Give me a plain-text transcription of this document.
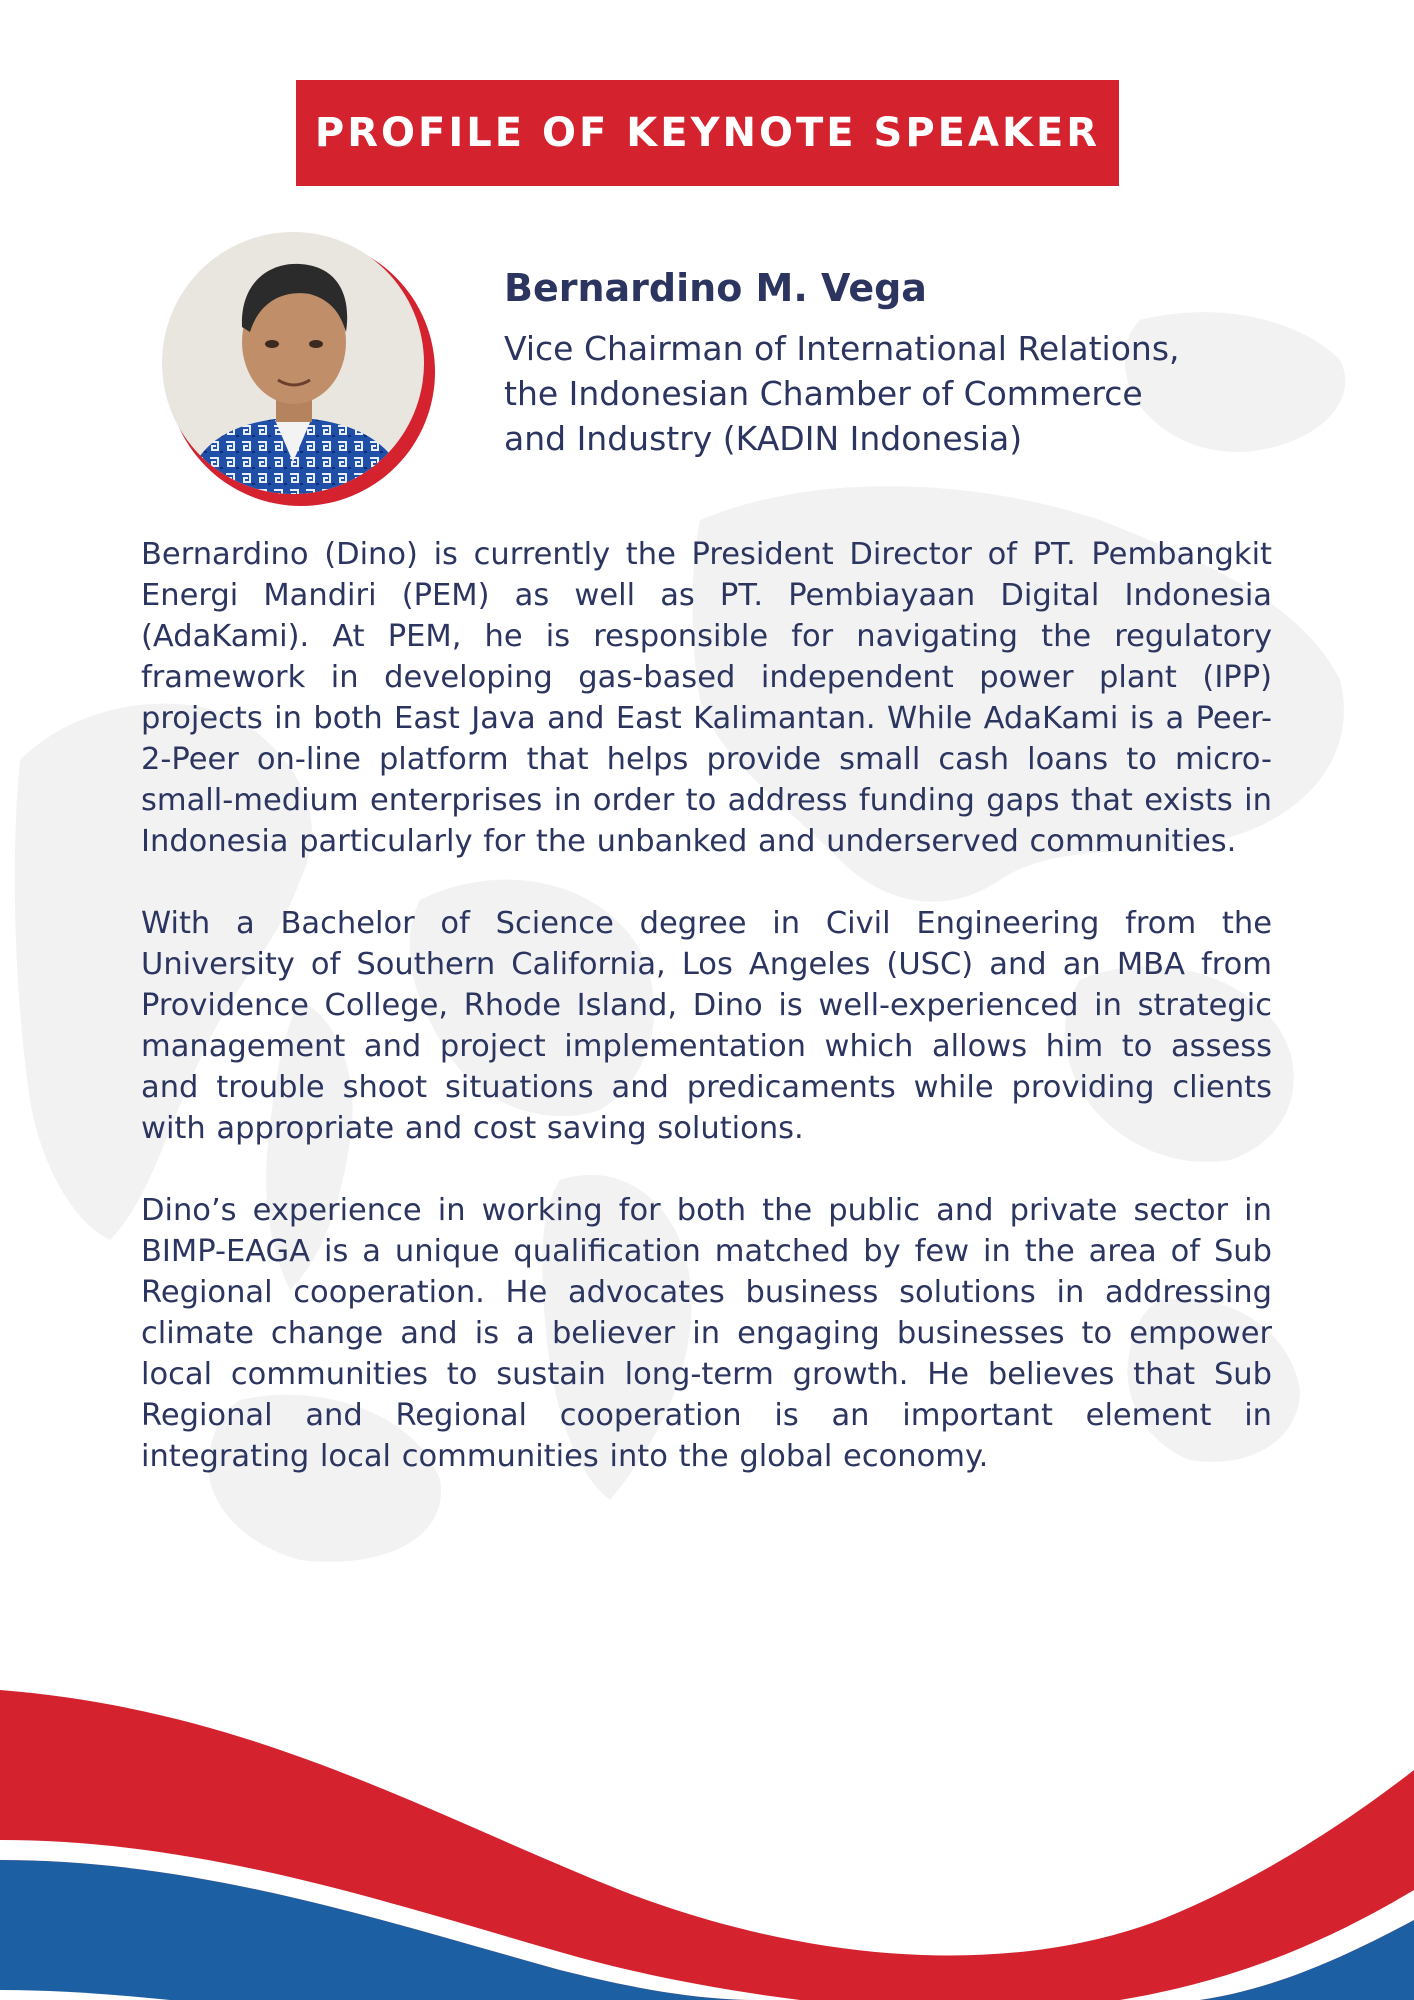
PROFILE OF KEYNOTE SPEAKER
Bernardino M. Vega
Vice Chairman of International Relations,
the Indonesian Chamber of Commerce
and Industry (KADIN Indonesia)

Bernardino (Dino) is currently the President Director of PT. Pembangkit Energi Mandiri (PEM) as well as PT. Pembiayaan Digital Indonesia (AdaKami). At PEM, he is responsible for navigating the regulatory framework in developing gas-based independent power plant (IPP) projects in both East Java and East Kalimantan. While AdaKami is a Peer-2-Peer on-line platform that helps provide small cash loans to micro-small-medium enterprises in order to address funding gaps that exists in Indonesia particularly for the unbanked and underserved communities.

With a Bachelor of Science degree in Civil Engineering from the University of Southern California, Los Angeles (USC) and an MBA from Providence College, Rhode Island, Dino is well-experienced in strategic management and project implementation which allows him to assess and trouble shoot situations and predicaments while providing clients with appropriate and cost saving solutions.

Dino’s experience in working for both the public and private sector in BIMP-EAGA is a unique qualification matched by few in the area of Sub Regional cooperation. He advocates business solutions in addressing climate change and is a believer in engaging businesses to empower local communities to sustain long-term growth. He believes that Sub Regional and Regional cooperation is an important element in integrating local communities into the global economy.
